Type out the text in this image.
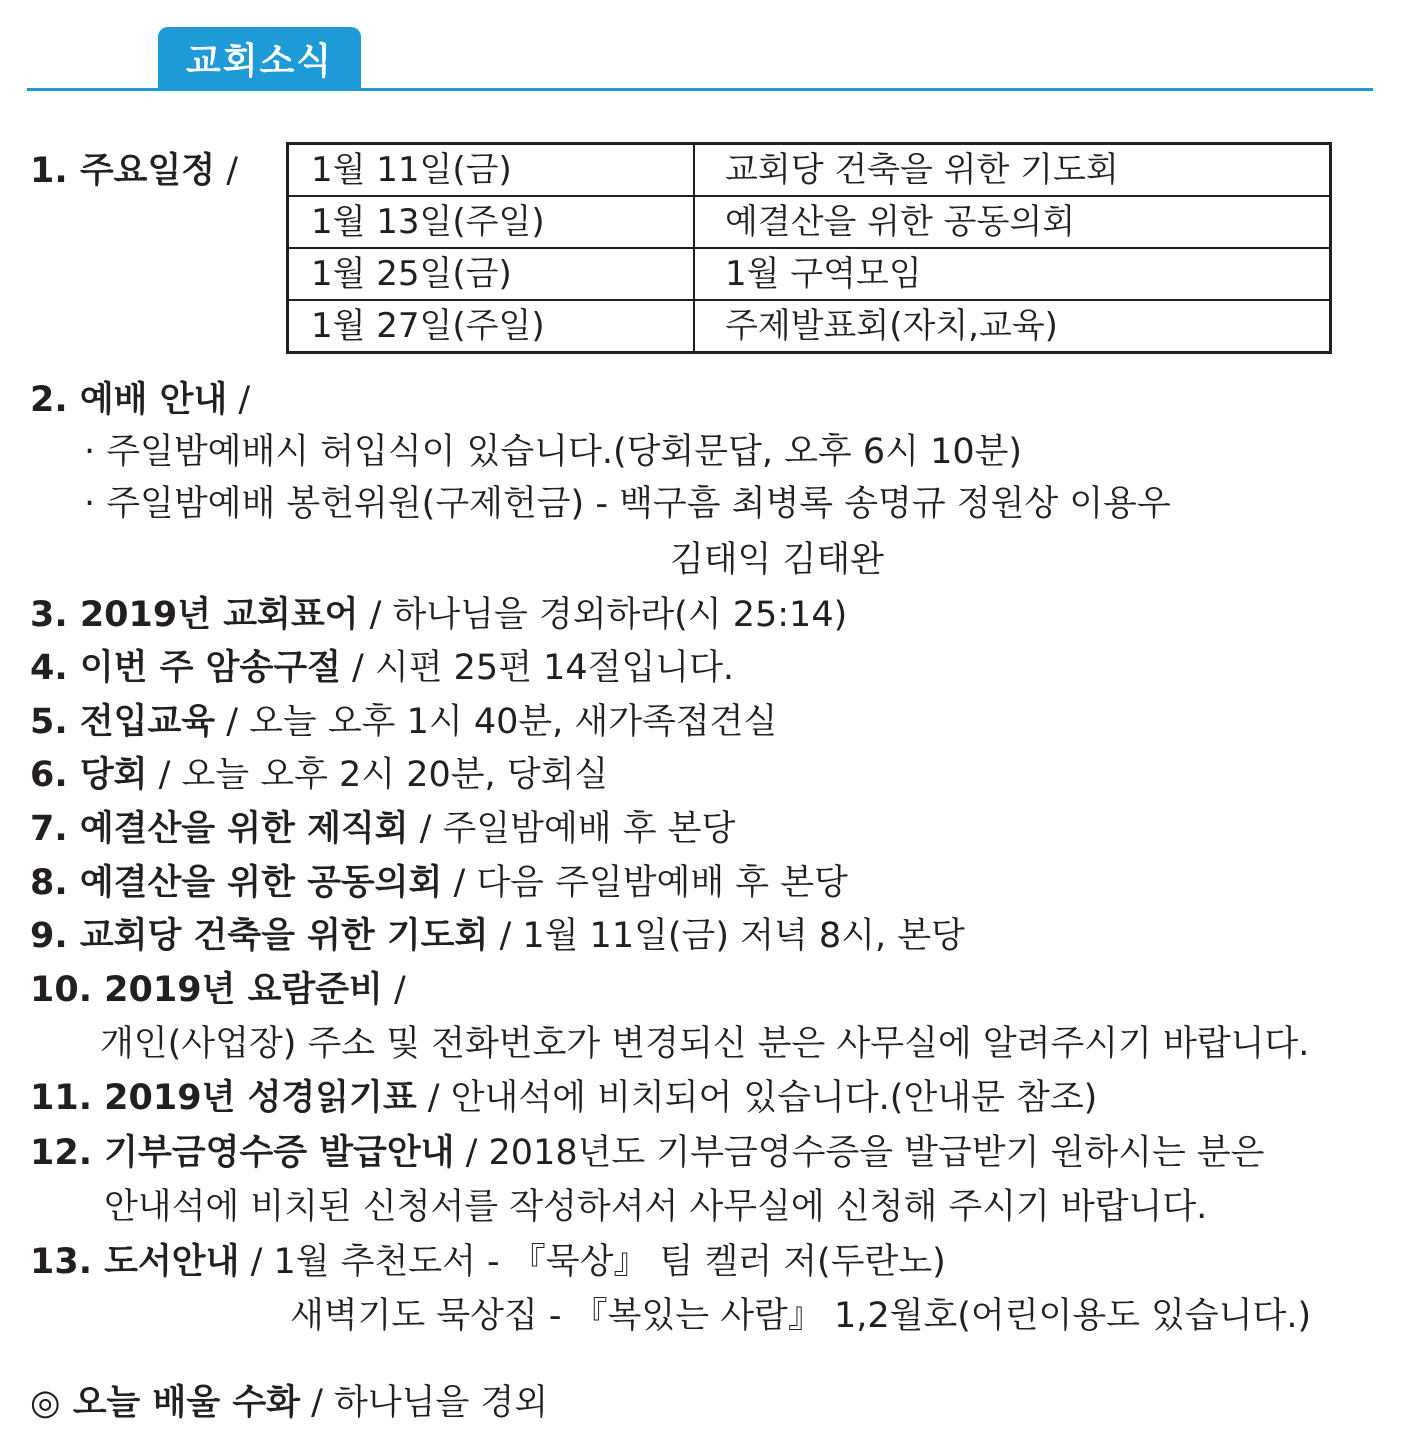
교회소식
1. 주요일정 / 1월 11일(금)	교회당 건축을 위한 기도회
1월 13일(주일)	예결산을 위한 공동의회
1월 25일(금)	1월 구역모임
1월 27일(주일)	주제발표회(자치,교육)
2. 예배 안내 /
· 주일밤예배시 허입식이 있습니다.(당회문답, 오후 6시 10분)
· 주일밤예배 봉헌위원(구제헌금) - 백구흠 최병록 송명규 정원상 이용우
김태익 김태완
3. 2019년 교회표어 / 하나님을 경외하라(시 25:14)
4. 이번 주 암송구절 / 시편 25편 14절입니다.
5. 전입교육 / 오늘 오후 1시 40분, 새가족접견실
6. 당회 / 오늘 오후 2시 20분, 당회실
7. 예결산을 위한 제직회 / 주일밤예배 후 본당
8. 예결산을 위한 공동의회 / 다음 주일밤예배 후 본당
9. 교회당 건축을 위한 기도회 / 1월 11일(금) 저녁 8시, 본당
10. 2019년 요람준비 /
개인(사업장) 주소 및 전화번호가 변경되신 분은 사무실에 알려주시기 바랍니다.
11. 2019년 성경읽기표 / 안내석에 비치되어 있습니다.(안내문 참조)
12. 기부금영수증 발급안내 / 2018년도 기부금영수증을 발급받기 원하시는 분은
안내석에 비치된 신청서를 작성하셔서 사무실에 신청해 주시기 바랍니다.
13. 도서안내 / 1월 추천도서 - 『묵상』 팀 켈러 저(두란노)
새벽기도 묵상집 - 『복있는 사람』 1,2월호(어린이용도 있습니다.)
◎ 오늘 배울 수화 / 하나님을 경외
